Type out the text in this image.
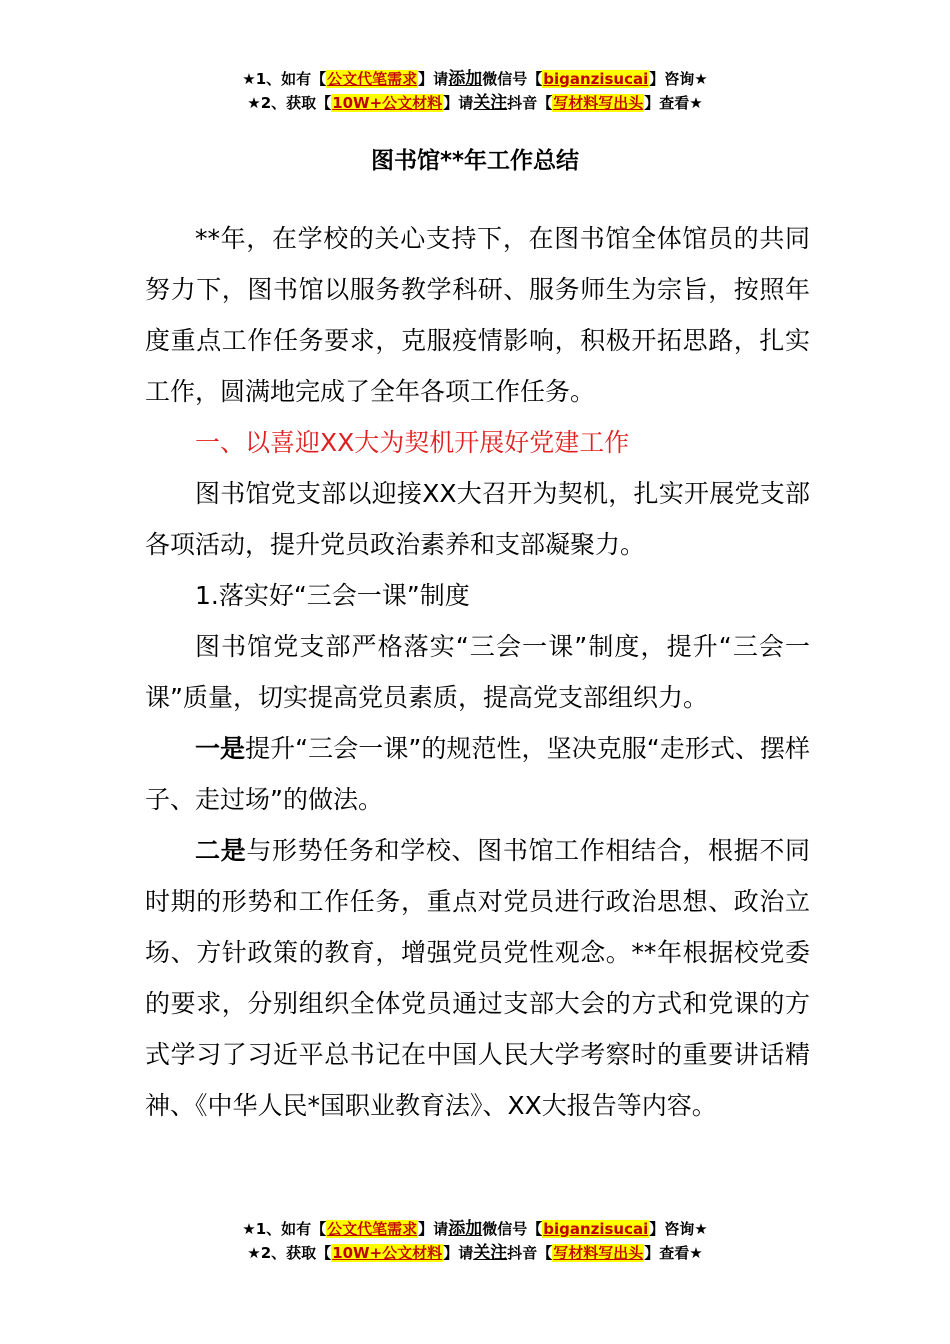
★1、如有【公文代笔需求】请添加微信号【biganzisucai】咨询★
★2、获取【10W+公文材料】请关注抖音【写材料写出头】查看★
图书馆**年工作总结

**年，在学校的关心支持下，在图书馆全体馆员的共同努力下，图书馆以服务教学科研、服务师生为宗旨，按照年度重点工作任务要求，克服疫情影响，积极开拓思路，扎实工作，圆满地完成了全年各项工作任务。

一、以喜迎XX大为契机开展好党建工作

图书馆党支部以迎接XX大召开为契机，扎实开展党支部各项活动，提升党员政治素养和支部凝聚力。

1.落实好“三会一课”制度

图书馆党支部严格落实“三会一课”制度，提升“三会一课”质量，切实提高党员素质，提高党支部组织力。

一是提升“三会一课”的规范性，坚决克服“走形式、摆样子、走过场”的做法。

二是与形势任务和学校、图书馆工作相结合，根据不同时期的形势和工作任务，重点对党员进行政治思想、政治立场、方针政策的教育，增强党员党性观念。**年根据校党委的要求，分别组织全体党员通过支部大会的方式和党课的方式学习了习近平总书记在中国人民大学考察时的重要讲话精神、《中华人民*国职业教育法》、XX大报告等内容。

★1、如有【公文代笔需求】请添加微信号【biganzisucai】咨询★
★2、获取【10W+公文材料】请关注抖音【写材料写出头】查看★
